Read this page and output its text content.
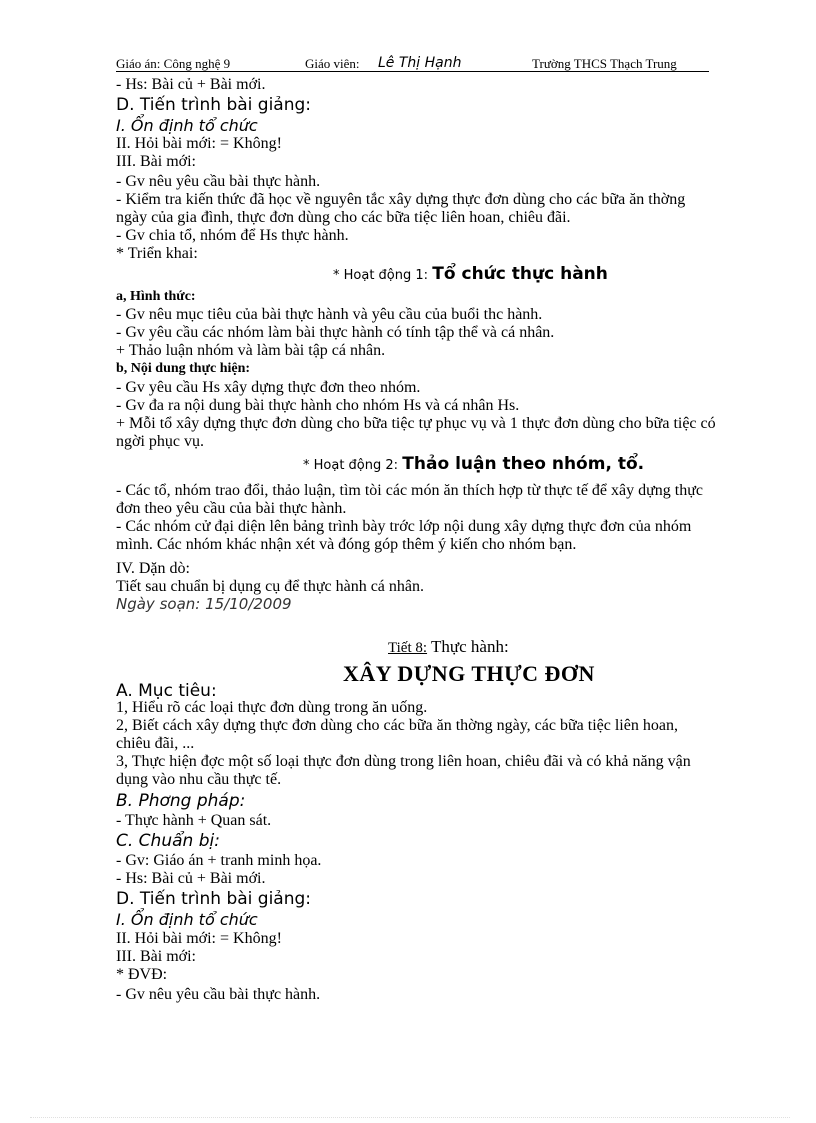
Giáo án: Công nghệ 9	Giáo viên: Lê Thị Hạnh	Trường THCS Thạch Trung
- Hs: Bài củ + Bài mới.
D. Tiến trình bài giảng:
I. Ổn định tổ chức
II. Hỏi bài mới: = Không!
III. Bài mới:
- Gv nêu yêu cầu bài thực hành.
- Kiểm tra kiến thức đã học về nguyên tắc xây dựng thực đơn dùng cho các bữa ăn thờng
ngày của gia đình, thực đơn dùng cho các bữa tiệc liên hoan, chiêu đãi.
- Gv chia tổ, nhóm để Hs thực hành.
* Triển khai:
* Hoạt động 1: Tổ chức thực hành
a, Hình thức:
- Gv nêu mục tiêu của bài thực hành và yêu cầu của buổi thc hành.
- Gv yêu cầu các nhóm làm bài thực hành có tính tập thể và cá nhân.
+ Thảo luận nhóm và làm bài tập cá nhân.
b, Nội dung thực hiện:
- Gv yêu cầu Hs xây dựng thực đơn theo nhóm.
- Gv đa ra nội dung bài thực hành cho nhóm Hs và cá nhân Hs.
+ Mỗi tổ xây dựng thực đơn dùng cho bữa tiệc tự phục vụ và 1 thực đơn dùng cho bữa tiệc có
ngời phục vụ.
* Hoạt động 2: Thảo luận theo nhóm, tổ.
- Các tổ, nhóm trao đổi, thảo luận, tìm tòi các món ăn thích hợp từ thực tế để xây dựng thực
đơn theo yêu cầu của bài thực hành.
- Các nhóm cử đại diện lên bảng trình bày trớc lớp nội dung xây dựng thực đơn của nhóm
mình. Các nhóm khác nhận xét và đóng góp thêm ý kiến cho nhóm bạn.
IV. Dặn dò:
Tiết sau chuẩn bị dụng cụ để thực hành cá nhân.
Ngày soạn: 15/10/2009
Tiết 8: Thực hành:
XÂY DỰNG THỰC ĐƠN
A. Mục tiêu:
1, Hiểu rõ các loại thực đơn dùng trong ăn uống.
2, Biết cách xây dựng thực đơn dùng cho các bữa ăn thờng ngày, các bữa tiệc liên hoan,
chiêu đãi, ...
3, Thực hiện đợc một số loại thực đơn dùng trong liên hoan, chiêu đãi và có khả năng vận
dụng vào nhu cầu thực tế.
B. Phơng pháp:
- Thực hành + Quan sát.
C. Chuẩn bị:
- Gv: Giáo án + tranh minh họa.
- Hs: Bài củ + Bài mới.
D. Tiến trình bài giảng:
I. Ổn định tổ chức
II. Hỏi bài mới: = Không!
III. Bài mới:
* ĐVĐ:
- Gv nêu yêu cầu bài thực hành.
